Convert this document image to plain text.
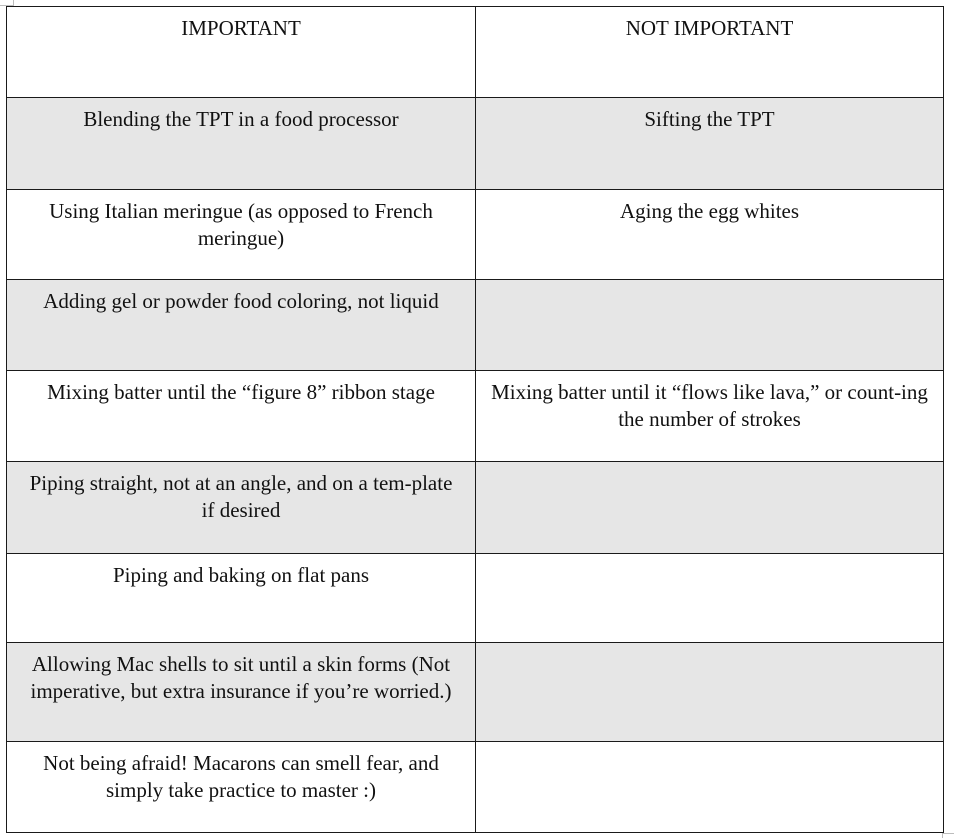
IMPORTANT	NOT IMPORTANT
Blending the TPT in a food processor	Sifting the TPT
Using Italian meringue (as opposed to French meringue)	Aging the egg whites
Adding gel or powder food coloring, not liquid	
Mixing batter until the “figure 8” ribbon stage	Mixing batter until it “flows like lava,” or count-ing the number of strokes
Piping straight, not at an angle, and on a tem-plate if desired	
Piping and baking on flat pans	
Allowing Mac shells to sit until a skin forms (Not imperative, but extra insurance if you’re worried.)	
Not being afraid! Macarons can smell fear, and simply take practice to master :)	
